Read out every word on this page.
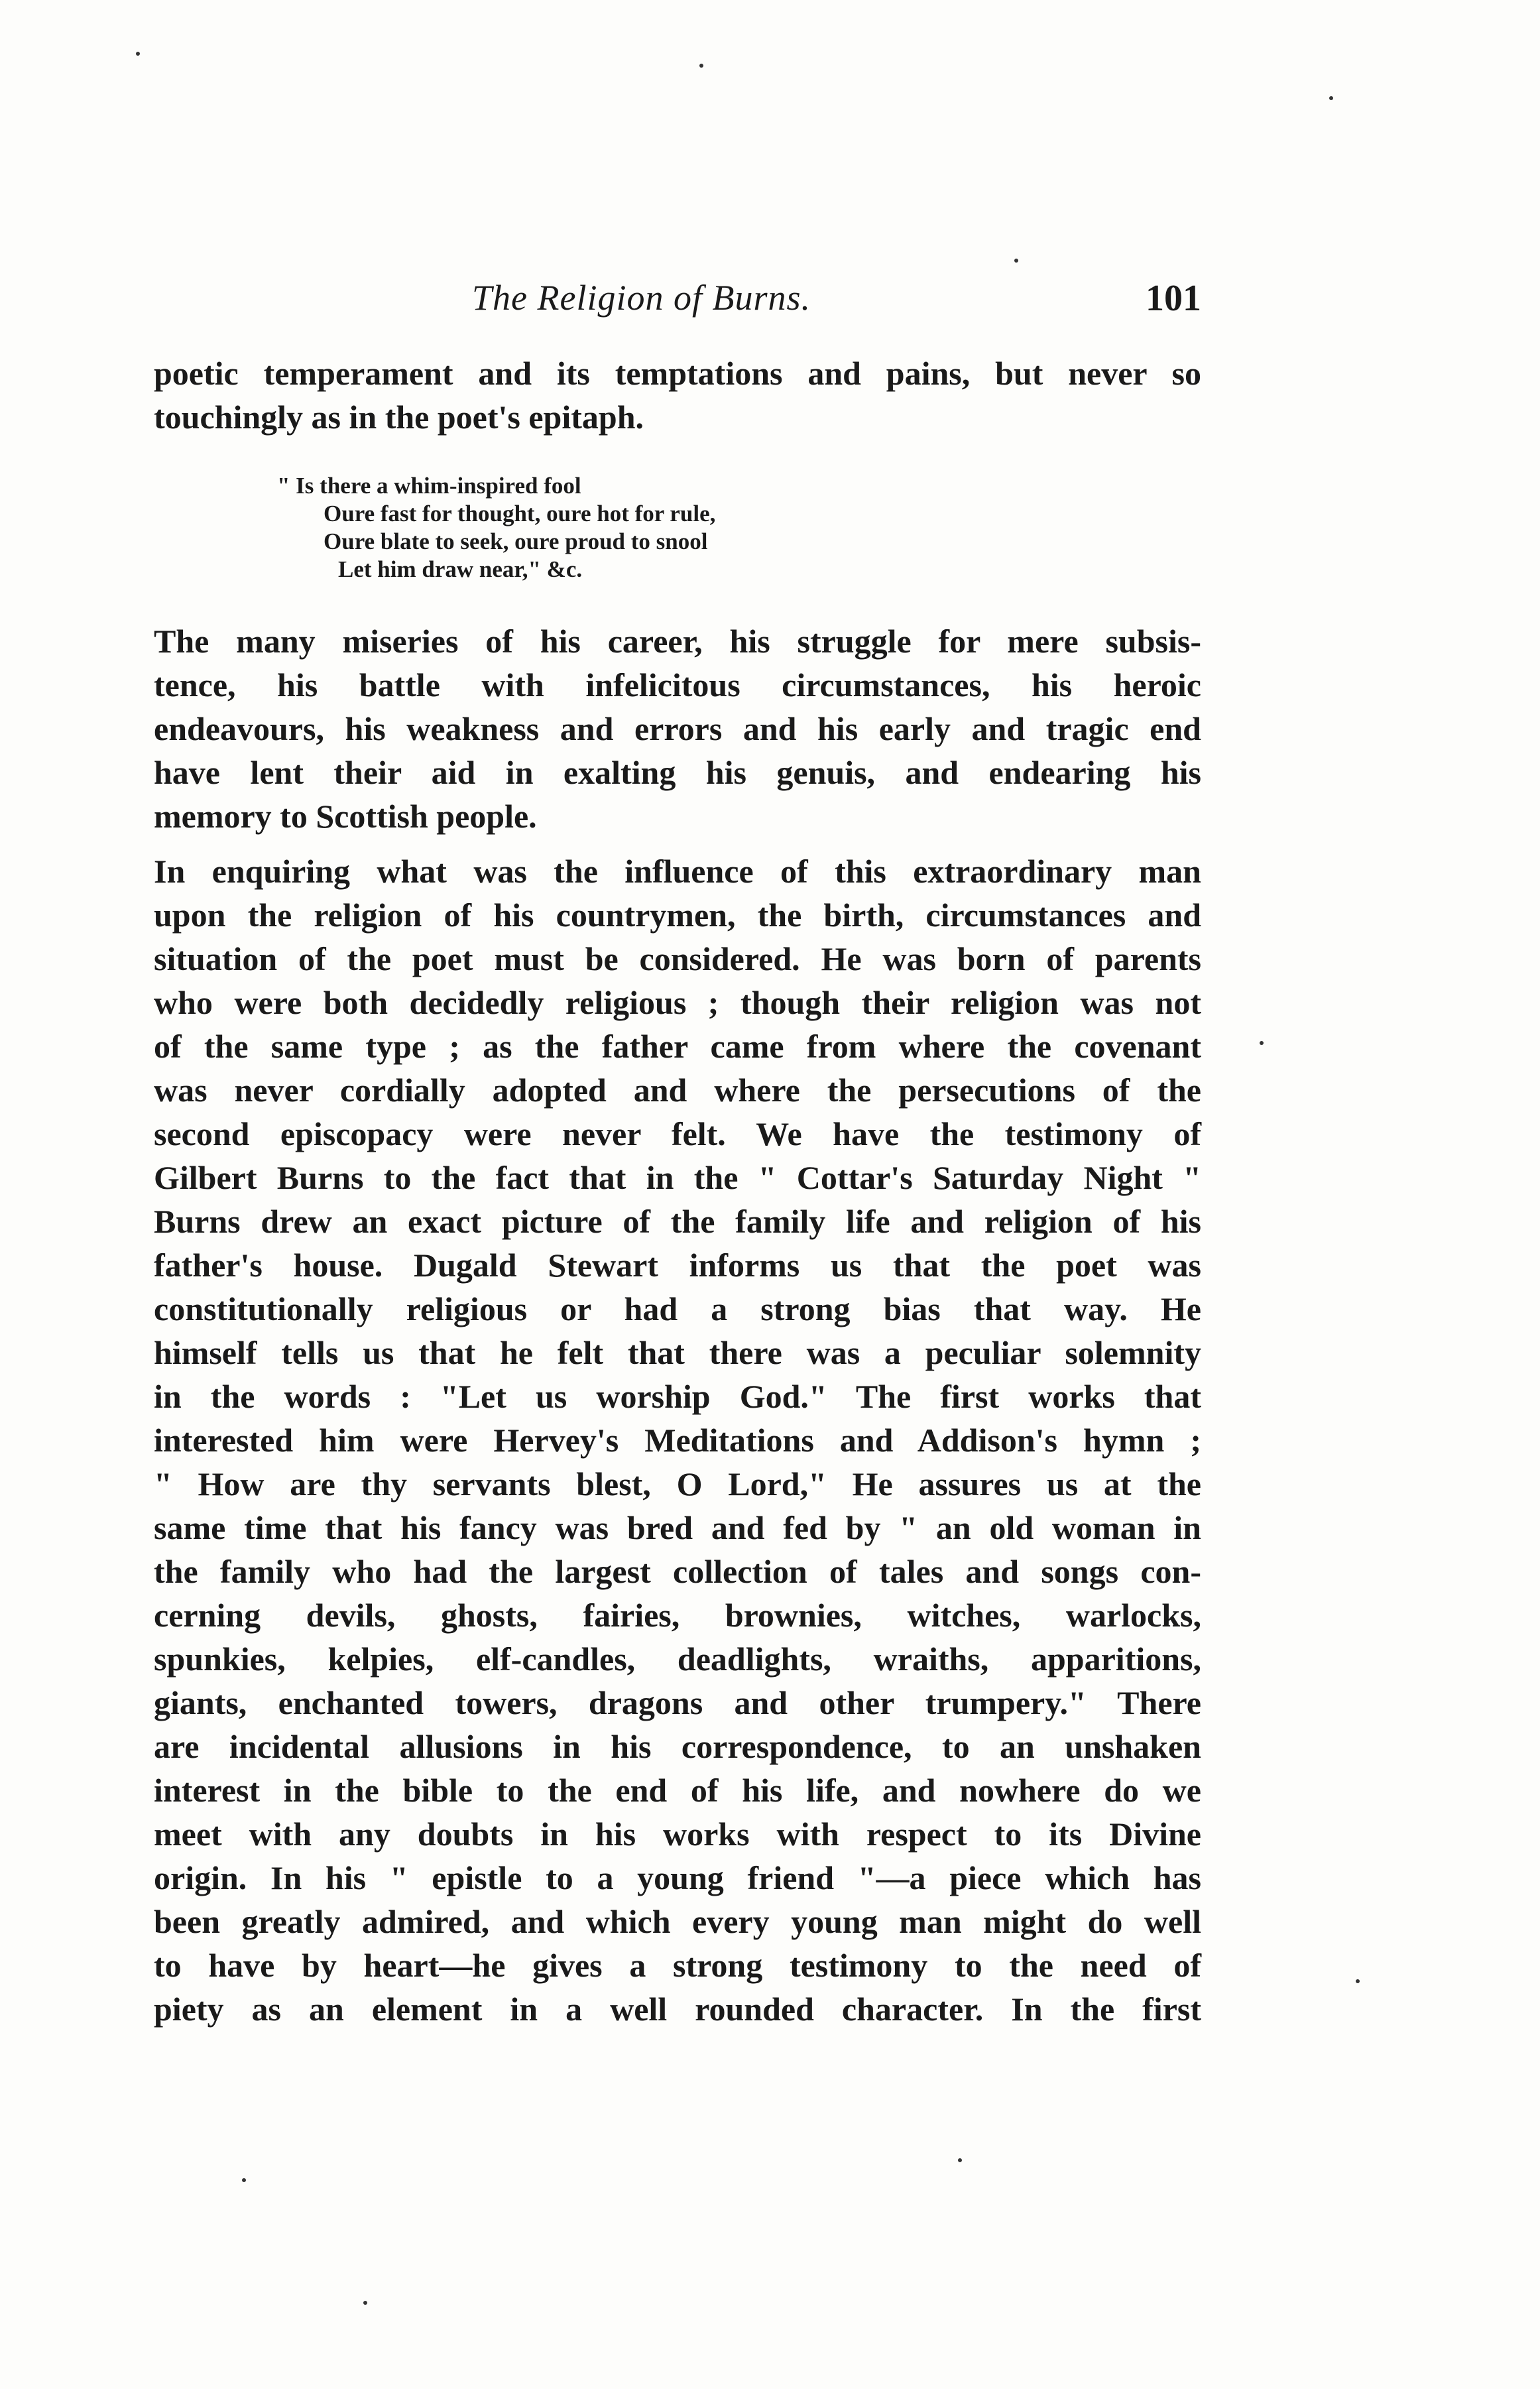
The Religion of Burns.	101
poetic temperament and its temptations and pains, but never so
touchingly as in the poet's epitaph.
" Is there a whim-inspired fool
Oure fast for thought, oure hot for rule,
Oure blate to seek, oure proud to snool
Let him draw near," &c.
The many miseries of his career, his struggle for mere subsis-
tence, his battle with infelicitous circumstances, his heroic
endeavours, his weakness and errors and his early and tragic end
have lent their aid in exalting his genuis, and endearing his
memory to Scottish people.
In enquiring what was the influence of this extraordinary man
upon the religion of his countrymen, the birth, circumstances and
situation of the poet must be considered. He was born of parents
who were both decidedly religious ; though their religion was not
of the same type ; as the father came from where the covenant
was never cordially adopted and where the persecutions of the
second episcopacy were never felt. We have the testimony of
Gilbert Burns to the fact that in the " Cottar's Saturday Night "
Burns drew an exact picture of the family life and religion of his
father's house. Dugald Stewart informs us that the poet was
constitutionally religious or had a strong bias that way. He
himself tells us that he felt that there was a peculiar solemnity
in the words : "Let us worship God." The first works that
interested him were Hervey's Meditations and Addison's hymn ;
" How are thy servants blest, O Lord," He assures us at the
same time that his fancy was bred and fed by " an old woman in
the family who had the largest collection of tales and songs con-
cerning devils, ghosts, fairies, brownies, witches, warlocks,
spunkies, kelpies, elf-candles, deadlights, wraiths, apparitions,
giants, enchanted towers, dragons and other trumpery." There
are incidental allusions in his correspondence, to an unshaken
interest in the bible to the end of his life, and nowhere do we
meet with any doubts in his works with respect to its Divine
origin. In his " epistle to a young friend "—a piece which has
been greatly admired, and which every young man might do well
to have by heart—he gives a strong testimony to the need of
piety as an element in a well rounded character. In the first
